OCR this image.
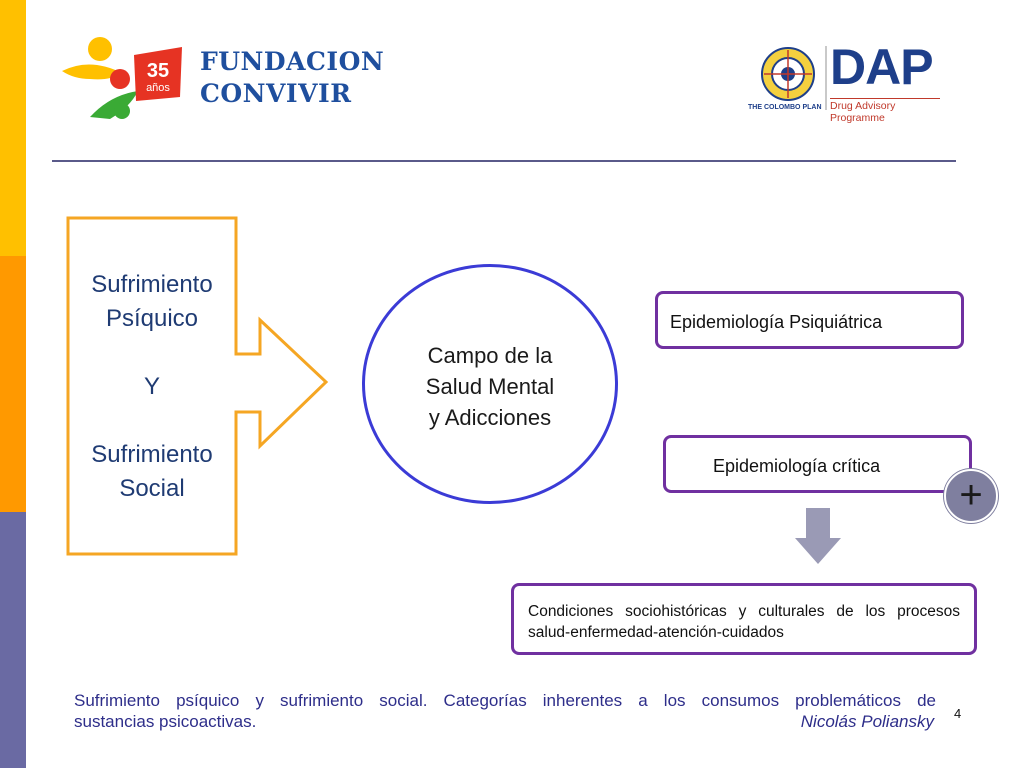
35
años
FUNDACION
CONVIVIR	THE COLOMBO PLAN
DAP
Drug Advisory Programme
Sufrimiento
Psíquico
Y
Sufrimiento
Social
Campo de la
Salud Mental
y Adicciones
Epidemiología Psiquiátrica
Epidemiología crítica
+
Condiciones sociohistóricas y culturales de los procesos salud-enfermedad-atención-cuidados
Sufrimiento psíquico y sufrimiento social. Categorías inherentes a los consumos problemáticos de
sustancias psicoactivas.	Nicolás Poliansky 4
